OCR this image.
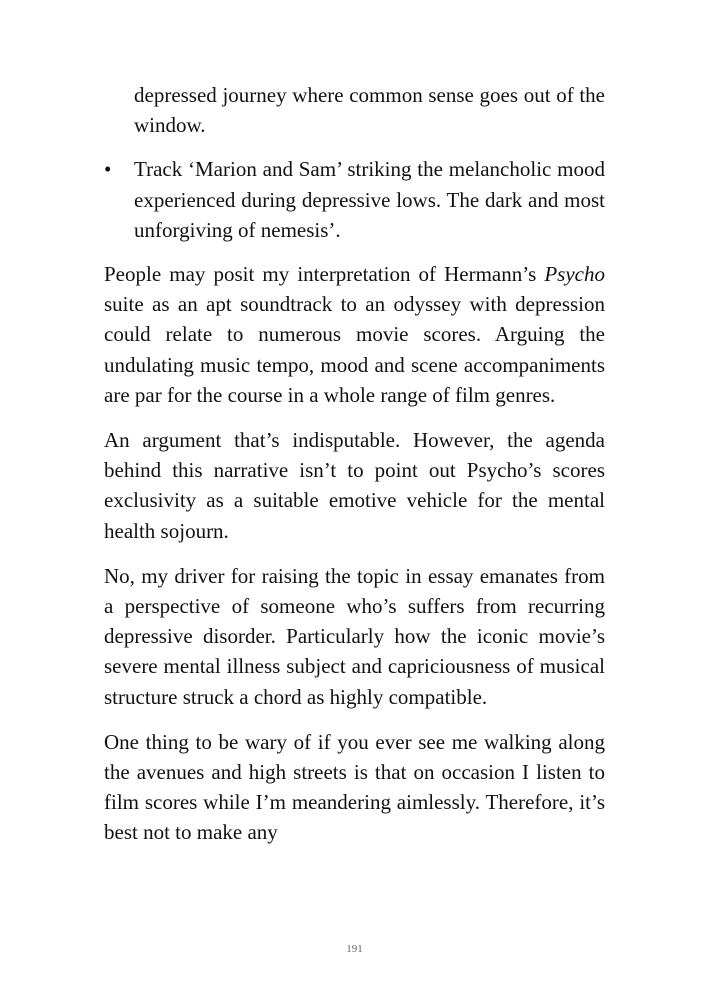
depressed journey where common sense goes out of the window.
•	Track ‘Marion and Sam’ striking the melancholic mood experienced during depressive lows. The dark and most unforgiving of nemesis’.

People may posit my interpretation of Hermann’s Psycho suite as an apt soundtrack to an odyssey with depression could relate to numerous movie scores. Arguing the undulating music tempo, mood and scene accompaniments are par for the course in a whole range of film genres.

An argument that’s indisputable. However, the agenda behind this narrative isn’t to point out Psycho’s scores exclusivity as a suitable emotive vehicle for the mental health sojourn.

No, my driver for raising the topic in essay emanates from a perspective of someone who’s suffers from recurring depressive disorder. Particularly how the iconic movie’s severe mental illness subject and capriciousness of musical structure struck a chord as highly compatible.

One thing to be wary of if you ever see me walking along the avenues and high streets is that on occasion I listen to film scores while I’m meandering aimlessly. Therefore, it’s best not to make any

191
